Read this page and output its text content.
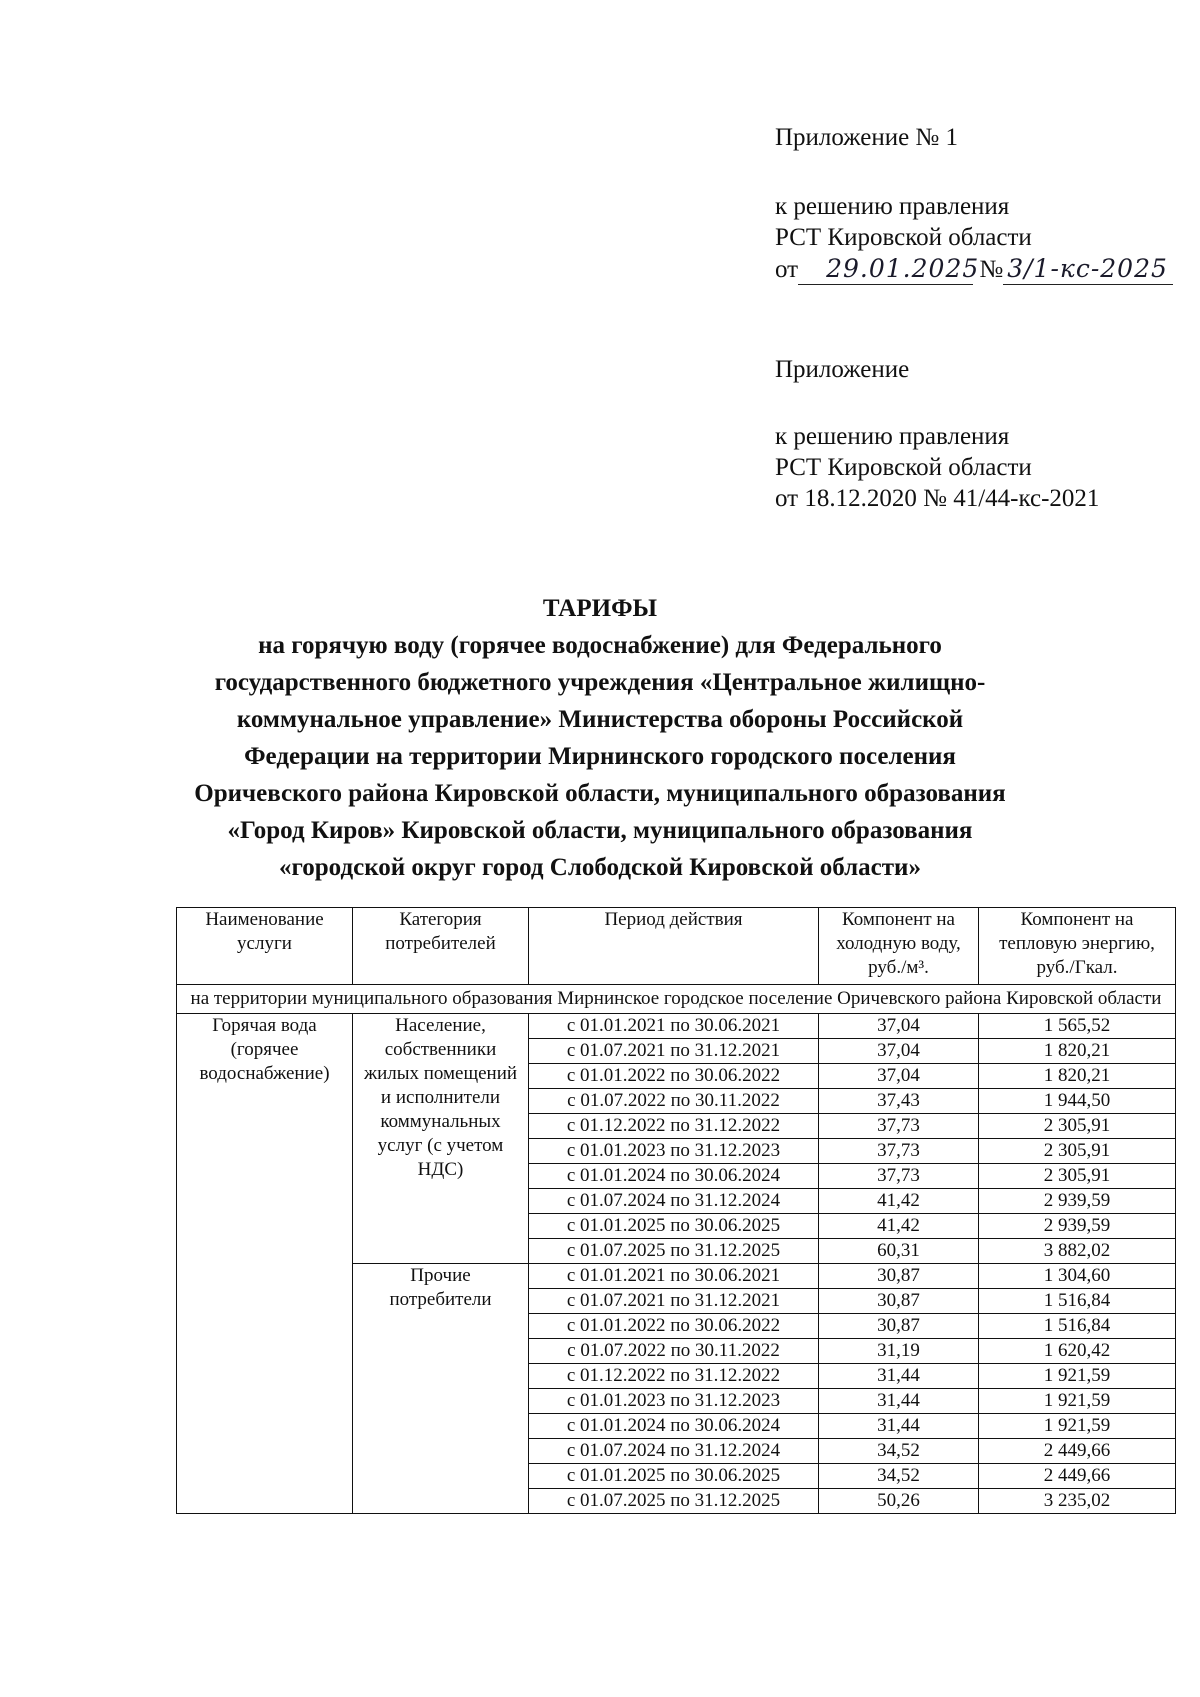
Приложение № 1
к решению правления
РСТ Кировской области
от 29.01.2025 № 3/1-кс-2025
Приложение
к решению правления
РСТ Кировской области
от 18.12.2020 № 41/44-кс-2021
ТАРИФЫ
на горячую воду (горячее водоснабжение) для Федерального
государственного бюджетного учреждения «Центральное жилищно-
коммунальное управление» Министерства обороны Российской
Федерации на территории Мирнинского городского поселения
Оричевского района Кировской области, муниципального образования
«Город Киров» Кировской области, муниципального образования
«городской округ город Слободской Кировской области»
Наименование услуги	Категория потребителей	Период действия	Компонент на холодную воду, руб./м³.	Компонент на тепловую энергию, руб./Гкал.
на территории муниципального образования Мирнинское городское поселение Оричевского района Кировской области				
Горячая вода (горячее водоснабжение)	Население, собственники жилых помещений и исполнители коммунальных услуг (с учетом НДС)	с 01.01.2021 по 30.06.2021	37,04	1 565,52
		с 01.07.2021 по 31.12.2021	37,04	1 820,21
		с 01.01.2022 по 30.06.2022	37,04	1 820,21
		с 01.07.2022 по 30.11.2022	37,43	1 944,50
		с 01.12.2022 по 31.12.2022	37,73	2 305,91
		с 01.01.2023 по 31.12.2023	37,73	2 305,91
		с 01.01.2024 по 30.06.2024	37,73	2 305,91
		с 01.07.2024 по 31.12.2024	41,42	2 939,59
		с 01.01.2025 по 30.06.2025	41,42	2 939,59
		с 01.07.2025 по 31.12.2025	60,31	3 882,02
	Прочие потребители	с 01.01.2021 по 30.06.2021	30,87	1 304,60
		с 01.07.2021 по 31.12.2021	30,87	1 516,84
		с 01.01.2022 по 30.06.2022	30,87	1 516,84
		с 01.07.2022 по 30.11.2022	31,19	1 620,42
		с 01.12.2022 по 31.12.2022	31,44	1 921,59
		с 01.01.2023 по 31.12.2023	31,44	1 921,59
		с 01.01.2024 по 30.06.2024	31,44	1 921,59
		с 01.07.2024 по 31.12.2024	34,52	2 449,66
		с 01.01.2025 по 30.06.2025	34,52	2 449,66
		с 01.07.2025 по 31.12.2025	50,26	3 235,02
